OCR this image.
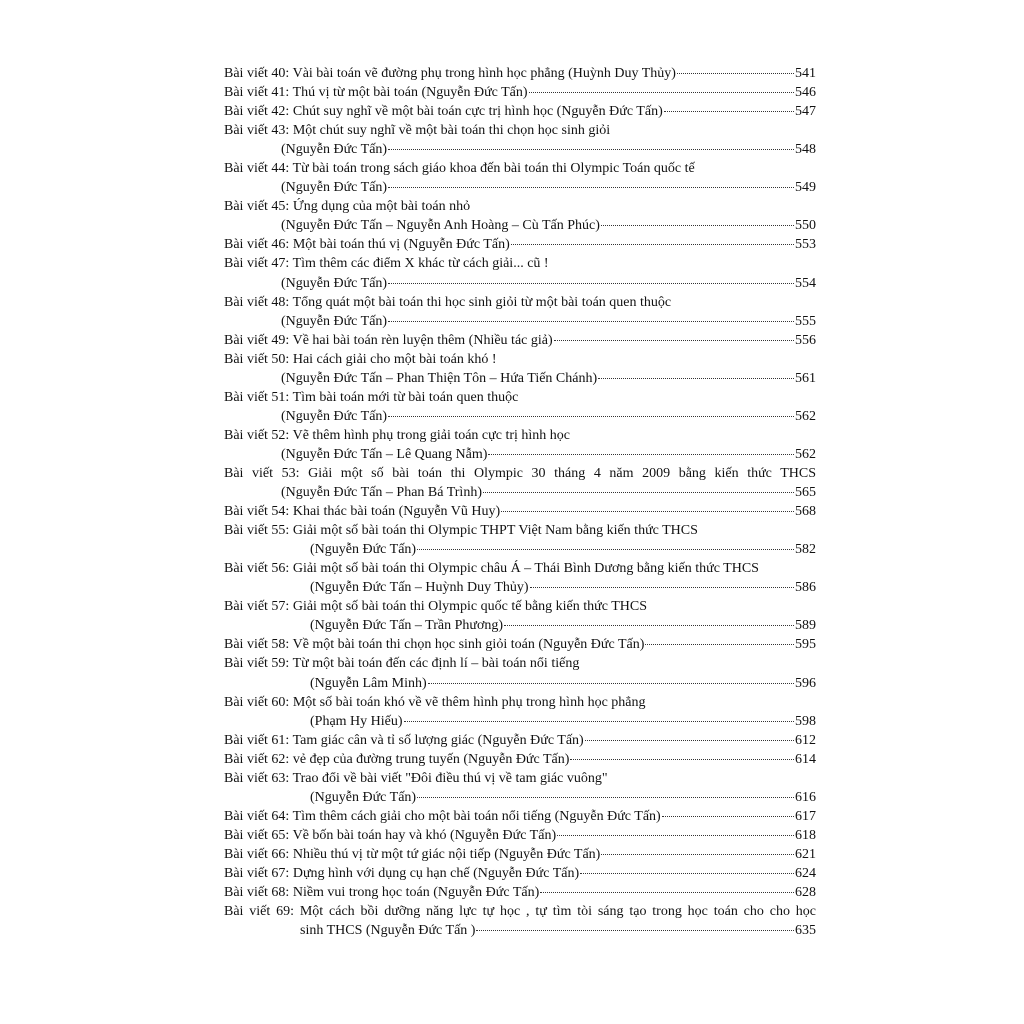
Bài viết 40: Vài bài toán vẽ đường phụ trong hình học phẳng (Huỳnh Duy Thủy)	541
Bài viết 41: Thú vị từ một bài toán (Nguyễn Đức Tấn)	546
Bài viết 42: Chút suy nghĩ về một bài toán cực trị hình học (Nguyễn Đức Tấn)	547
Bài viết 43: Một chút suy nghĩ về một bài toán thi chọn học sinh giỏi
(Nguyễn Đức Tấn)	548
Bài viết 44: Từ bài toán trong sách giáo khoa đến bài toán thi Olympic Toán quốc tế
(Nguyễn Đức Tấn)	549
Bài viết 45: Ứng dụng của một bài toán nhỏ
(Nguyễn Đức Tấn – Nguyễn Anh Hoàng – Cù Tấn Phúc)	550
Bài viết 46: Một bài toán thú vị (Nguyễn Đức Tấn)	553
Bài viết 47: Tìm thêm các điểm X khác từ cách giải... cũ !
(Nguyễn Đức Tấn)	554
Bài viết 48: Tổng quát một bài toán thi học sinh giỏi từ một bài toán quen thuộc
(Nguyễn Đức Tấn)	555
Bài viết 49: Về hai bài toán rèn luyện thêm (Nhiều tác giả)	556
Bài viết 50: Hai cách giải cho một bài toán khó !
(Nguyễn Đức Tấn – Phan Thiện Tôn – Hứa Tiến Chánh)	561
Bài viết 51: Tìm bài toán mới từ bài toán quen thuộc
(Nguyễn Đức Tấn)	562
Bài viết 52: Vẽ thêm hình phụ trong giải toán cực trị hình học
(Nguyễn Đức Tấn – Lê Quang Nẫm)	562
Bài viết 53: Giải một số bài toán thi Olympic 30 tháng 4 năm 2009 bằng kiến thức THCS
(Nguyễn Đức Tấn – Phan Bá Trình)	565
Bài viết 54: Khai thác bài toán (Nguyễn Vũ Huy)	568
Bài viết 55: Giải một số bài toán thi Olympic THPT Việt Nam bằng kiến thức THCS
(Nguyễn Đức Tấn)	582
Bài viết 56: Giải một số bài toán thi Olympic châu Á – Thái Bình Dương bằng kiến thức THCS
(Nguyễn Đức Tấn – Huỳnh Duy Thủy)	586
Bài viết 57: Giải một số bài toán thi Olympic quốc tế bằng kiến thức THCS
(Nguyễn Đức Tấn – Trần Phương)	589
Bài viết 58: Về một bài toán thi chọn học sinh giỏi toán (Nguyễn Đức Tấn)	595
Bài viết 59: Từ một bài toán đến các định lí – bài toán nổi tiếng
(Nguyễn Lâm Minh)	596
Bài viết 60: Một số bài toán khó về vẽ thêm hình phụ trong hình học phẳng
(Phạm Hy Hiếu)	598
Bài viết 61: Tam giác cân và tỉ số lượng giác (Nguyễn Đức Tấn)	612
Bài viết 62: vẻ đẹp của đường trung tuyến (Nguyễn Đức Tấn)	614
Bài viết 63: Trao đổi về bài viết "Đôi điều thú vị về tam giác vuông"
(Nguyễn Đức Tấn)	616
Bài viết 64: Tìm thêm cách giải cho một bài toán nổi tiếng (Nguyễn Đức Tấn)	617
Bài viết 65: Về bốn bài toán hay và khó (Nguyễn Đức Tấn)	618
Bài viết 66: Nhiều thú vị từ một tứ giác nội tiếp (Nguyễn Đức Tấn)	621
Bài viết 67: Dựng hình với dụng cụ hạn chế (Nguyễn Đức Tấn)	624
Bài viết 68: Niềm vui trong học toán (Nguyễn Đức Tấn)	628
Bài viết 69: Một cách bồi dưỡng năng lực tự học , tự tìm tòi sáng tạo trong học toán cho cho học
sinh THCS (Nguyễn Đức Tấn )	635
